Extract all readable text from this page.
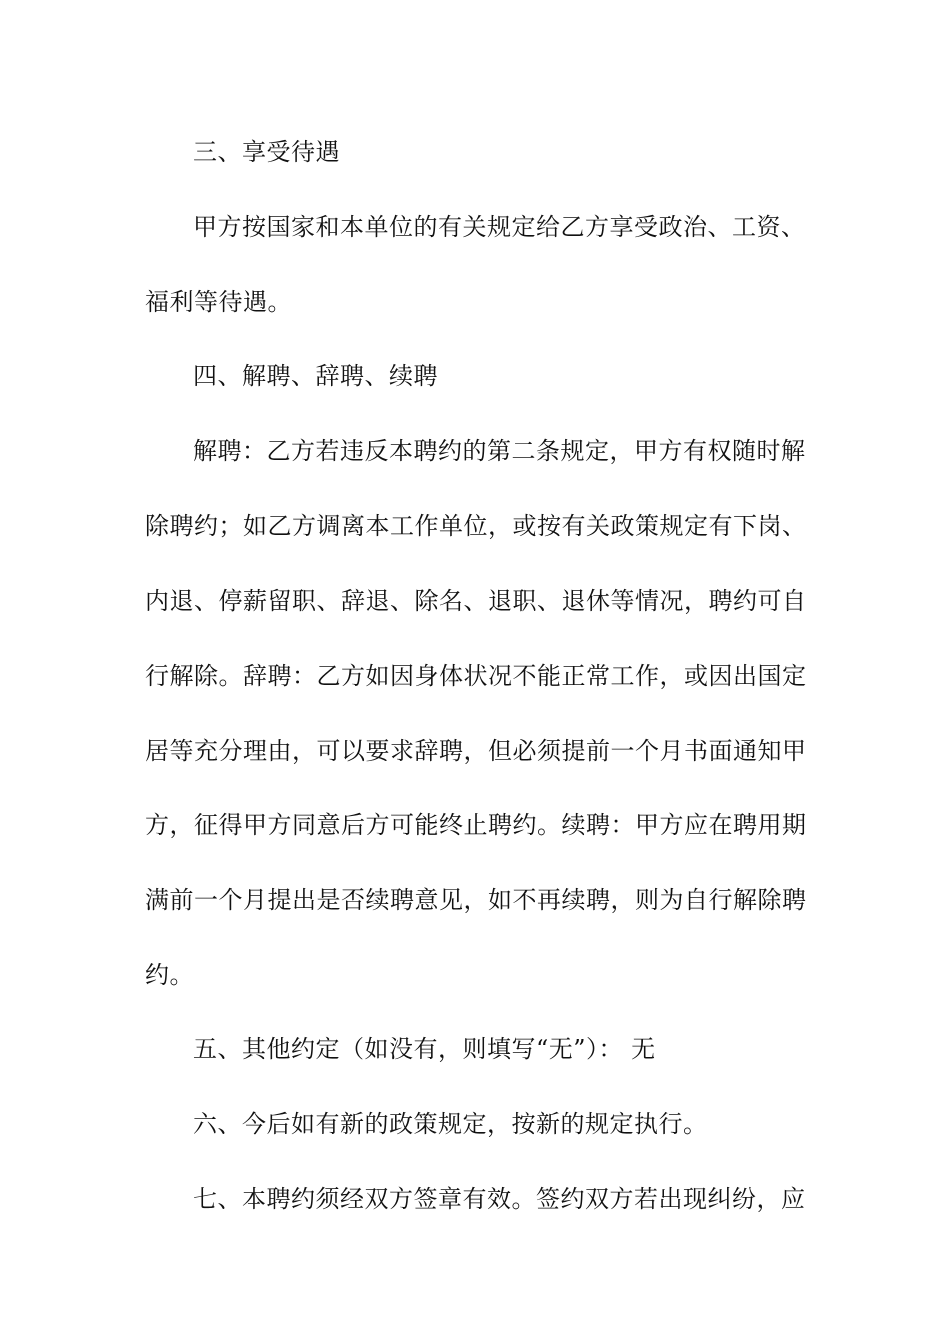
三、享受待遇
甲方按国家和本单位的有关规定给乙方享受政治、工资、
福利等待遇。
四、解聘、辞聘、续聘
解聘：乙方若违反本聘约的第二条规定，甲方有权随时解
除聘约；如乙方调离本工作单位，或按有关政策规定有下岗、
内退、停薪留职、辞退、除名、退职、退休等情况，聘约可自
行解除。辞聘：乙方如因身体状况不能正常工作，或因出国定
居等充分理由，可以要求辞聘，但必须提前一个月书面通知甲
方，征得甲方同意后方可能终止聘约。续聘：甲方应在聘用期
满前一个月提出是否续聘意见，如不再续聘，则为自行解除聘
约。
五、其他约定（如没有，则填写“无”）： 无
六、今后如有新的政策规定，按新的规定执行。
七、本聘约须经双方签章有效。签约双方若出现纠纷，应
